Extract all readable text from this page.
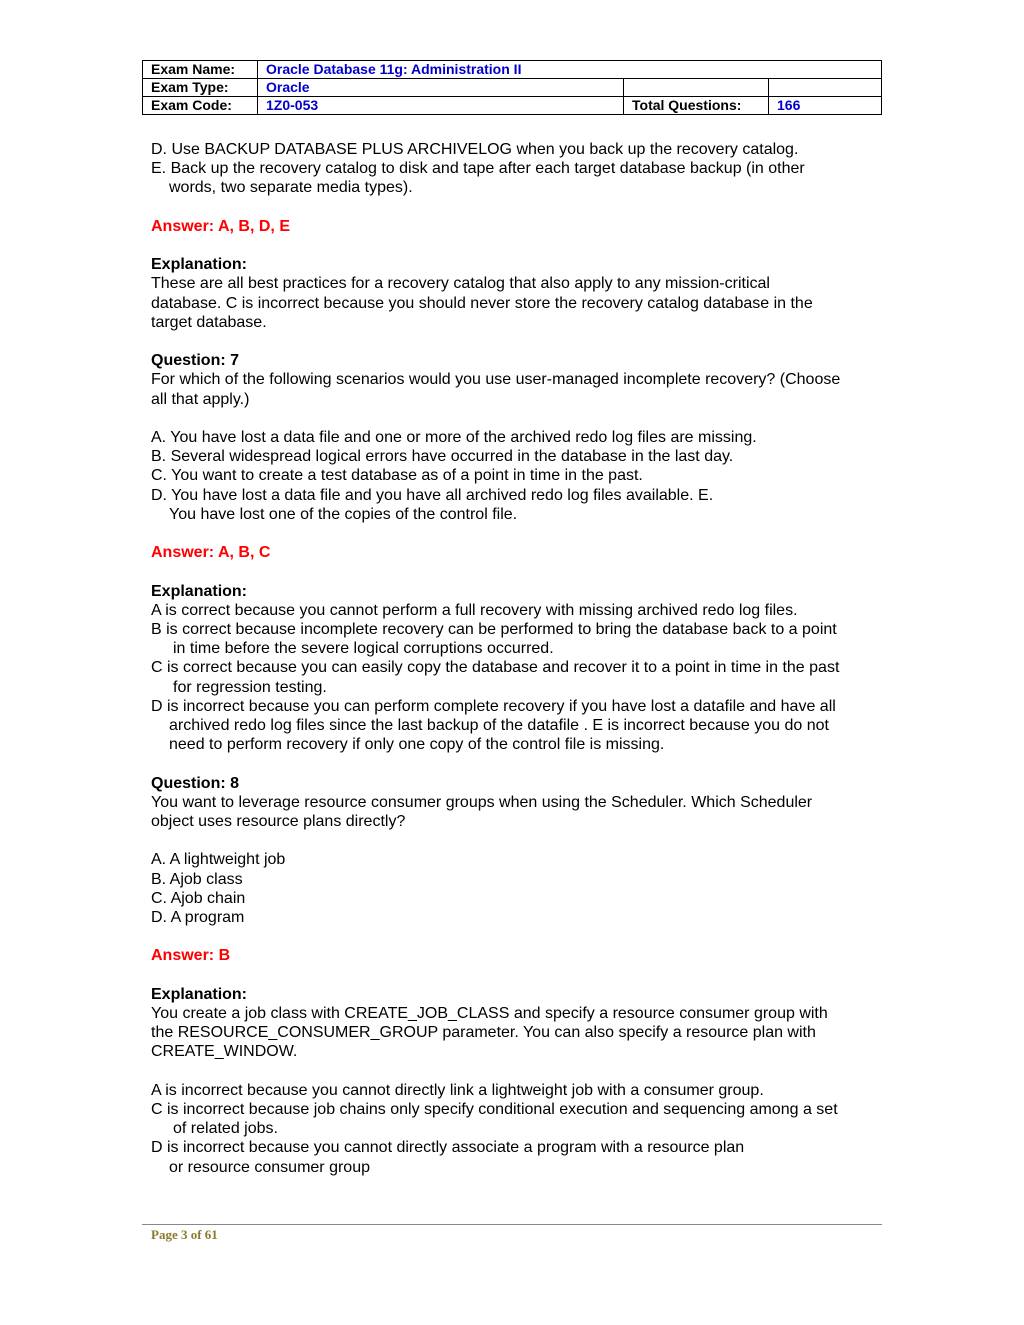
Exam Name:	Oracle Database 11g: Administration II		
Exam Type:	Oracle		
Exam Code:	1Z0-053	Total Questions:	166

D. Use BACKUP DATABASE PLUS ARCHIVELOG when you back up the recovery catalog.

E. Back up the recovery catalog to disk and tape after each target database backup (in other

words, two separate media types).

Answer: A, B, D, E

Explanation:

These are all best practices for a recovery catalog that also apply to any mission-critical

database. C is incorrect because you should never store the recovery catalog database in the

target database.

Question: 7

For which of the following scenarios would you use user-managed incomplete recovery? (Choose

all that apply.)

A. You have lost a data file and one or more of the archived redo log files are missing.

B. Several widespread logical errors have occurred in the database in the last day.

C. You want to create a test database as of a point in time in the past.

D. You have lost a data file and you have all archived redo log files available. E.

You have lost one of the copies of the control file.

Answer: A, B, C

Explanation:

A is correct because you cannot perform a full recovery with missing archived redo log files.

B is correct because incomplete recovery can be performed to bring the database back to a point

in time before the severe logical corruptions occurred.

C is correct because you can easily copy the database and recover it to a point in time in the past

for regression testing.

D is incorrect because you can perform complete recovery if you have lost a datafile and have all

archived redo log files since the last backup of the datafile . E is incorrect because you do not

need to perform recovery if only one copy of the control file is missing.

Question: 8

You want to leverage resource consumer groups when using the Scheduler. Which Scheduler

object uses resource plans directly?

A. A lightweight job

B. Ajob class

C. Ajob chain

D. A program

Answer: B

Explanation:

You create a job class with CREATE_JOB_CLASS and specify a resource consumer group with

the RESOURCE_CONSUMER_GROUP parameter. You can also specify a resource plan with

CREATE_WINDOW.

A is incorrect because you cannot directly link a lightweight job with a consumer group.

C is incorrect because job chains only specify conditional execution and sequencing among a set

of related jobs.

D is incorrect because you cannot directly associate a program with a resource plan

or resource consumer group

Page 3 of 61
